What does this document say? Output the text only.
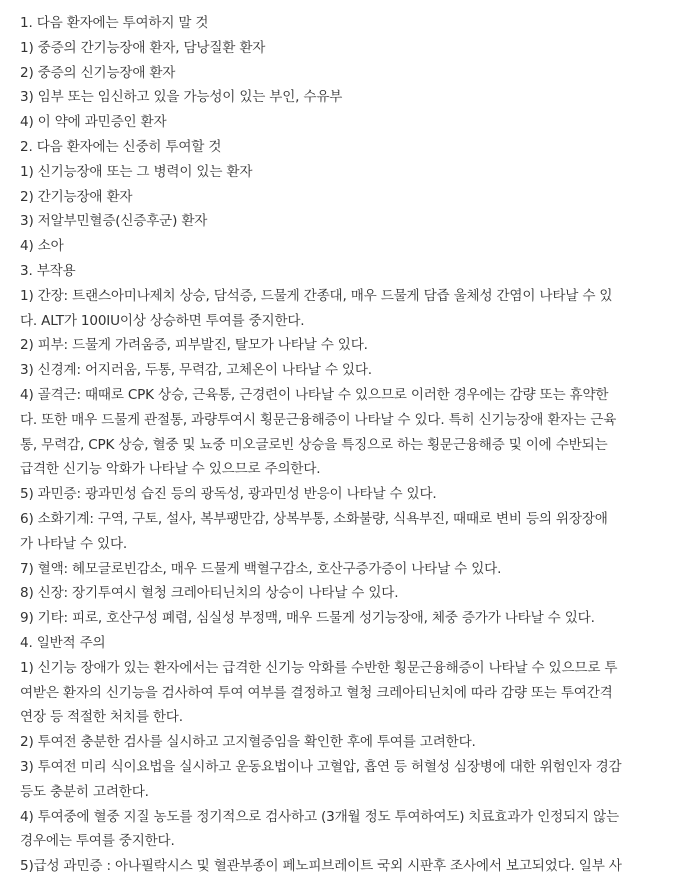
1. 다음 환자에는 투여하지 말 것
1) 중증의 간기능장애 환자, 담낭질환 환자
2) 중증의 신기능장애 환자
3) 임부 또는 임신하고 있을 가능성이 있는 부인, 수유부
4) 이 약에 과민증인 환자
2. 다음 환자에는 신중히 투여할 것
1) 신기능장애 또는 그 병력이 있는 환자
2) 간기능장애 환자
3) 저알부민혈증(신증후군) 환자
4) 소아
3. 부작용
1) 간장: 트랜스아미나제치 상승, 담석증, 드물게 간종대, 매우 드물게 담즙 울체성 간염이 나타날 수 있
다. ALT가 100IU이상 상승하면 투여를 중지한다.
2) 피부: 드물게 가려움증, 피부발진, 탈모가 나타날 수 있다.
3) 신경계: 어지러움, 두통, 무력감, 고체온이 나타날 수 있다.
4) 골격근: 때때로 CPK 상승, 근육통, 근경련이 나타날 수 있으므로 이러한 경우에는 감량 또는 휴약한
다. 또한 매우 드물게 관절통, 과량투여시 횡문근융해증이 나타날 수 있다. 특히 신기능장애 환자는 근육
통, 무력감, CPK 상승, 혈중 및 뇨중 미오글로빈 상승을 특징으로 하는 횡문근융해증 및 이에 수반되는
급격한 신기능 악화가 나타날 수 있으므로 주의한다.
5) 과민증: 광과민성 습진 등의 광독성, 광과민성 반응이 나타날 수 있다.
6) 소화기계: 구역, 구토, 설사, 복부팽만감, 상복부통, 소화불량, 식욕부진, 때때로 변비 등의 위장장애
가 나타날 수 있다.
7) 혈액: 헤모글로빈감소, 매우 드물게 백혈구감소, 호산구증가증이 나타날 수 있다.
8) 신장: 장기투여시 혈청 크레아티닌치의 상승이 나타날 수 있다.
9) 기타: 피로, 호산구성 폐렴, 심실성 부정맥, 매우 드물게 성기능장애, 체중 증가가 나타날 수 있다.
4. 일반적 주의
1) 신기능 장애가 있는 환자에서는 급격한 신기능 악화를 수반한 횡문근융해증이 나타날 수 있으므로 투
여받은 환자의 신기능을 검사하여 투여 여부를 결정하고 혈청 크레아티닌치에 따라 감량 또는 투여간격
연장 등 적절한 처치를 한다.
2) 투여전 충분한 검사를 실시하고 고지혈증임을 확인한 후에 투여를 고려한다.
3) 투여전 미리 식이요법을 실시하고 운동요법이나 고혈압, 흡연 등 허혈성 심장병에 대한 위험인자 경감
등도 충분히 고려한다.
4) 투여중에 혈중 지질 농도를 정기적으로 검사하고 (3개월 정도 투여하여도) 치료효과가 인정되지 않는
경우에는 투여를 중지한다.
5)급성 과민증 : 아나필락시스 및 혈관부종이 페노피브레이트 국외 시판후 조사에서 보고되었다. 일부 사
